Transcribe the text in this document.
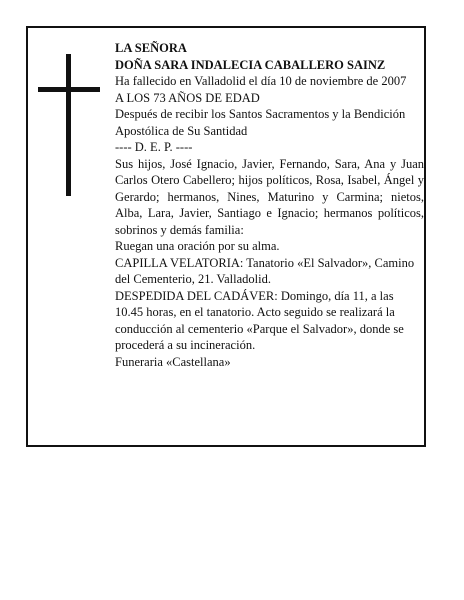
LA SEÑORA

DOÑA SARA INDALECIA CABALLERO SAINZ

Ha fallecido en Valladolid el día 10 de noviembre de 2007

A LOS 73 AÑOS DE EDAD

Después de recibir los Santos Sacramentos y la Bendición Apostólica de Su Santidad

---- D. E. P. ----

Sus hijos, José Ignacio, Javier, Fernando, Sara, Ana y Juan Carlos Otero Cabellero; hijos políticos, Rosa, Isabel, Ángel y Gerardo; hermanos, Nines, Maturino y Carmina; nietos, Alba, Lara, Javier, Santiago e Ignacio; hermanos políticos, sobrinos y demás familia:

Ruegan una oración por su alma.

CAPILLA VELATORIA: Tanatorio «El Salvador», Camino del Cementerio, 21. Valladolid.

DESPEDIDA DEL CADÁVER: Domingo, día 11, a las 10.45 horas, en el tanatorio. Acto seguido se realizará la conducción al cementerio «Parque el Salvador», donde se procederá a su incineración.

Funeraria «Castellana»
